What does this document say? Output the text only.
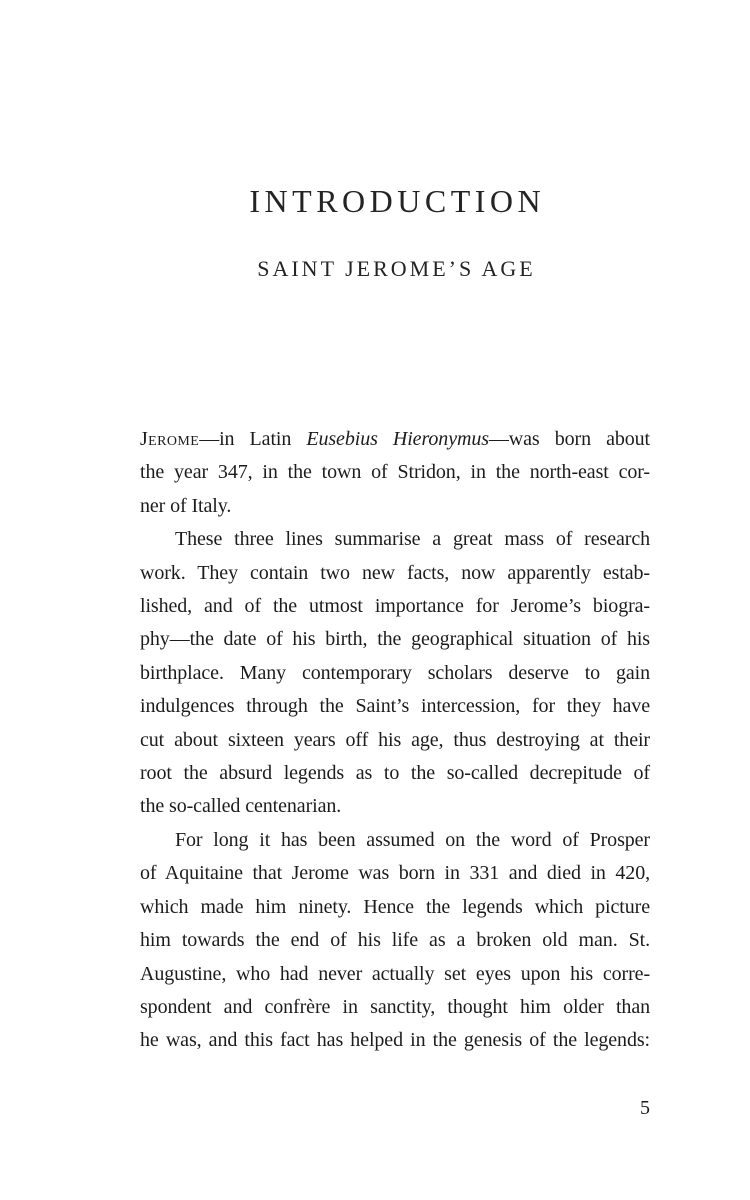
INTRODUCTION
SAINT JEROME’S AGE
Jerome—in Latin Eusebius Hieronymus—was born about
the year 347, in the town of Stridon, in the north-east cor-
ner of Italy.
These three lines summarise a great mass of research
work. They contain two new facts, now apparently estab-
lished, and of the utmost importance for Jerome’s biogra-
phy—the date of his birth, the geographical situation of his
birthplace. Many contemporary scholars deserve to gain
indulgences through the Saint’s intercession, for they have
cut about sixteen years off his age, thus destroying at their
root the absurd legends as to the so-called decrepitude of
the so-called centenarian.
For long it has been assumed on the word of Prosper
of Aquitaine that Jerome was born in 331 and died in 420,
which made him ninety. Hence the legends which picture
him towards the end of his life as a broken old man. St.
Augustine, who had never actually set eyes upon his corre-
spondent and confrère in sanctity, thought him older than
he was, and this fact has helped in the genesis of the legends:
5
